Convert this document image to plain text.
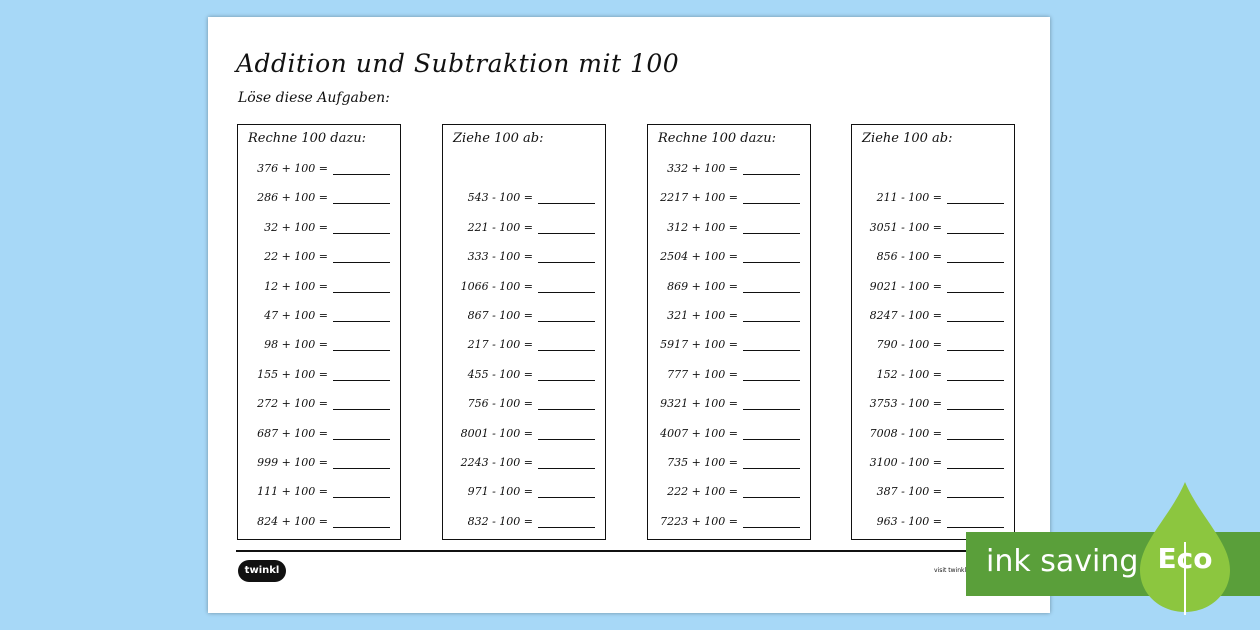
Addition und Subtraktion mit 100
Löse diese Aufgaben:
Rechne 100 dazu:
376 + 100 =
286 + 100 =
32 + 100 =
22 + 100 =
12 + 100 =
47 + 100 =
98 + 100 =
155 + 100 =
272 + 100 =
687 + 100 =
999 + 100 =
111 + 100 =
824 + 100 =
Ziehe 100 ab:
543 - 100 =
221 - 100 =
333 - 100 =
1066 - 100 =
867 - 100 =
217 - 100 =
455 - 100 =
756 - 100 =
8001 - 100 =
2243 - 100 =
971 - 100 =
832 - 100 =
Rechne 100 dazu:
332 + 100 =
2217 + 100 =
312 + 100 =
2504 + 100 =
869 + 100 =
321 + 100 =
5917 + 100 =
777 + 100 =
9321 + 100 =
4007 + 100 =
735 + 100 =
222 + 100 =
7223 + 100 =
Ziehe 100 ab:
211 - 100 =
3051 - 100 =
856 - 100 =
9021 - 100 =
8247 - 100 =
790 - 100 =
152 - 100 =
3753 - 100 =
7008 - 100 =
3100 - 100 =
387 - 100 =
963 - 100 =
twinkl	visit twinkl ink saving Eco
